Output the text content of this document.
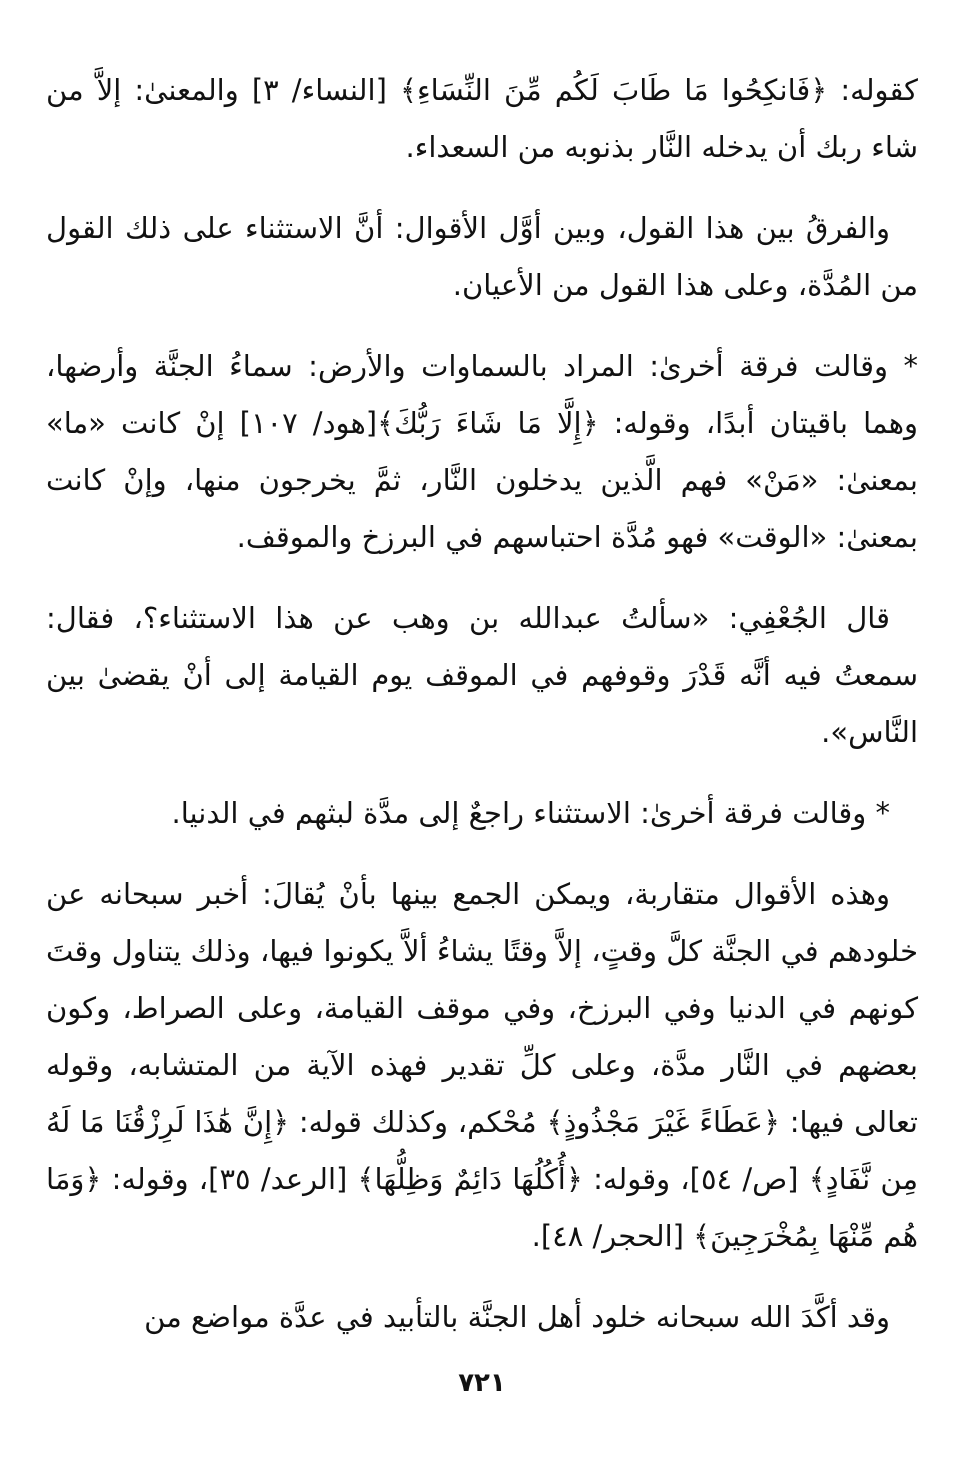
كقوله: ﴿فَانكِحُوا مَا طَابَ لَكُم مِّنَ النِّسَاءِ﴾ [النساء/ ٣] والمعنىٰ: إلاَّ من شاء ربك أن يدخله النَّار بذنوبه من السعداء.

والفرقُ بين هذا القول، وبين أوَّل الأقوال: أنَّ الاستثناء على ذلك القول من المُدَّة، وعلى هذا القول من الأعيان.

* وقالت فرقة أخرىٰ: المراد بالسماوات والأرض: سماءُ الجنَّة وأرضها، وهما باقيتان أبدًا، وقوله: ﴿إِلَّا مَا شَاءَ رَبُّكَ﴾[هود/ ١٠٧] إنْ كانت «ما» بمعنىٰ: «مَنْ» فهم الَّذين يدخلون النَّار، ثمَّ يخرجون منها، وإنْ كانت بمعنىٰ: «الوقت» فهو مُدَّة احتباسهم في البرزخ والموقف.

قال الجُعْفِي: «سألتُ عبدالله بن وهب عن هذا الاستثناء؟، فقال: سمعتُ فيه أنَّه قَدْرَ وقوفهم في الموقف يوم القيامة إلى أنْ يقضىٰ بين النَّاس».

* وقالت فرقة أخرىٰ: الاستثناء راجعٌ إلى مدَّة لبثهم في الدنيا.

وهذه الأقوال متقاربة، ويمكن الجمع بينها بأنْ يُقالَ: أخبر سبحانه عن خلودهم في الجنَّة كلَّ وقتٍ، إلاَّ وقتًا يشاءُ ألاَّ يكونوا فيها، وذلك يتناول وقتَ كونهم في الدنيا وفي البرزخ، وفي موقف القيامة، وعلى الصراط، وكون بعضهم في النَّار مدَّة، وعلى كلِّ تقدير فهذه الآية من المتشابه، وقوله تعالى فيها: ﴿عَطَاءً غَيْرَ مَجْذُوذٍ﴾ مُحْكم، وكذلك قوله: ﴿إِنَّ هَٰذَا لَرِزْقُنَا مَا لَهُ مِن نَّفَادٍ﴾ [ص/ ٥٤]، وقوله: ﴿أُكُلُهَا دَائِمٌ وَظِلُّهَا﴾ [الرعد/ ٣٥]، وقوله: ﴿وَمَا هُم مِّنْهَا بِمُخْرَجِينَ﴾ [الحجر/ ٤٨].

وقد أكَّدَ الله سبحانه خلود أهل الجنَّة بالتأبيد في عدَّة مواضع من

٧٢١
